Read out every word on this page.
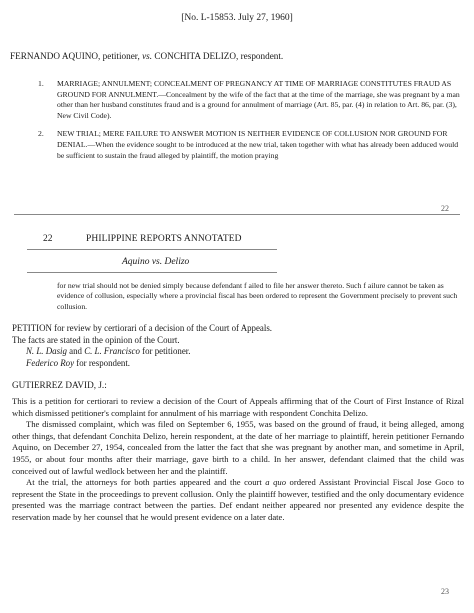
[No. L-15853. July 27, 1960]
FERNANDO AQUINO, petitioner, vs. CONCHITA DELIZO, respondent.
1. MARRIAGE; ANNULMENT; CONCEALMENT OF PREGNANCY AT TIME OF MARRIAGE CONSTITUTES FRAUD AS GROUND FOR ANNULMENT.—Concealment by the wife of the fact that at the time of the marriage, she was pregnant by a man other than her husband constitutes fraud and is a ground for annulment of marriage (Art. 85, par. (4) in relation to Art. 86, par. (3), New Civil Code).
2. NEW TRIAL; MERE FAILURE TO ANSWER MOTION IS NEITHER EVIDENCE OF COLLUSION NOR GROUND FOR DENIAL.—When the evidence sought to be introduced at the new trial, taken together with what has already been adduced would be sufficient to sustain the fraud alleged by plaintiff, the motion praying
22
22	PHILIPPINE REPORTS ANNOTATED
Aquino vs. Delizo
for new trial should not be denied simply because defendant f ailed to file her answer thereto. Such f ailure cannot be taken as evidence of collusion, especially where a provincial fiscal has been ordered to represent the Government precisely to prevent such collusion.
PETITION for review by certiorari of a decision of the Court of Appeals.
The facts are stated in the opinion of the Court.
N. L. Dasig and C. L. Francisco for petitioner.
Federico Roy for respondent.
GUTIERREZ DAVID, J.:

This is a petition for certiorari to review a decision of the Court of Appeals affirming that of the Court of First Instance of Rizal which dismissed petitioner's complaint for annulment of his marriage with respondent Conchita Delizo.

The dismissed complaint, which was filed on September 6, 1955, was based on the ground of fraud, it being alleged, among other things, that defendant Conchita Delizo, herein respondent, at the date of her marriage to plaintiff, herein petitioner Fernando Aquino, on December 27, 1954, concealed from the latter the fact that she was pregnant by another man, and sometime in April, 1955, or about four months after their marriage, gave birth to a child. In her answer, defendant claimed that the child was conceived out of lawful wedlock between her and the plaintiff.

At the trial, the attorneys for both parties appeared and the court a quo ordered Assistant Provincial Fiscal Jose Goco to represent the State in the proceedings to prevent collusion. Only the plaintiff however, testified and the only documentary evidence presented was the marriage contract between the parties. Def endant neither appeared nor presented any evidence despite the reservation made by her counsel that he would present evidence on a later date.

23
